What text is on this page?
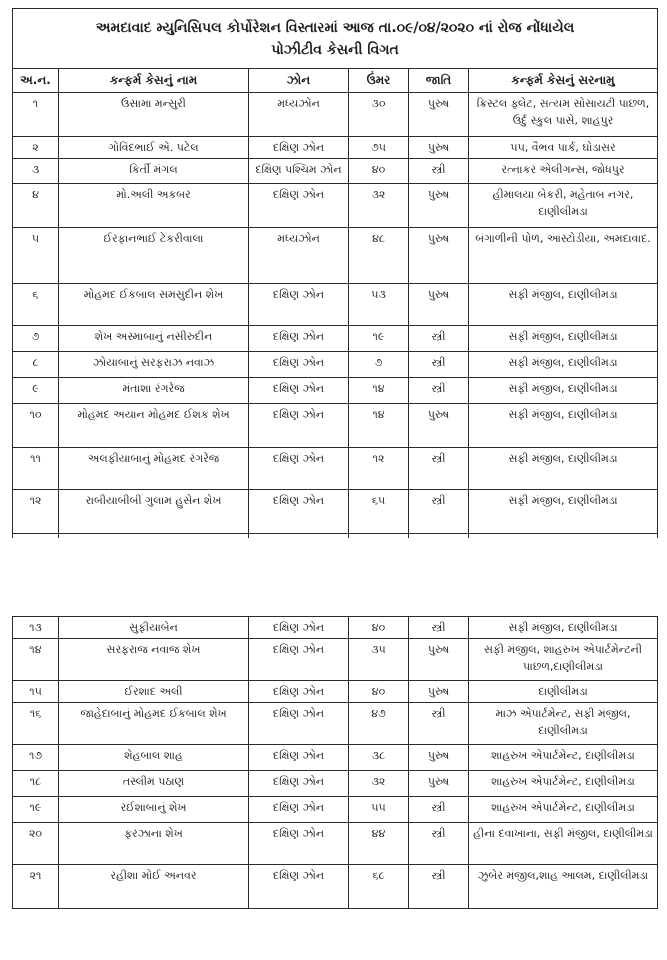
અમદાવાદ મ્યુનિસિપલ કોર્પોરેશન વિસ્તારમાં આજ તા.૦૯/૦૪/૨૦૨૦ નાં રોજ નોંધાયેલ
પોઝીટીવ કેસની વિગત					

અ.ન.	કન્ફર્મ કેસનું નામ	ઝોન	ઉંમર	જાતિ	કન્ફર્મ કેસનું સરનામુ
૧	ઉસામા મન્સુરી	મધ્યઝોન	૩૦	પુરુષ	ક્રિસ્ટલ ફ્લેટ, સત્યમ સોસાયટી પાછળ, ઉર્દુ સ્કુલ પાસે, શાહપુર
૨	ગોવિંદભાઈ એ. પટેલ	દક્ષિણ ઝોન	૭૫	પુરુષ	૫૫, વૈભવ પાર્ક, ઘોડાસર
૩	કિર્તી મંગલ	દક્ષિણ પશ્ચિમ ઝોન	૪૦	સ્ત્રી	રત્નાકર એલીગન્સ, જોધપુર
૪	મો.અલી અકબર	દક્ષિણ ઝોન	૩૨	પુરુષ	હીમાલયા બેકરી, મહેતાબ નગર, દાણીલીમડા
૫	ઈરફાનભાઈ ટેકરીવાલા	મધ્યઝોન	૪૮	પુરુષ	બંગાળીની પોળ, આસ્ટોડીયા, અમદાવાદ.
૬	મોહમદ ઈકબાલ સમસુદીન શેખ	દક્ષિણ ઝોન	૫૩	પુરુષ	સફી મંજીલ, દાણીલીમડા
૭	શેખ અસ્માબાનું નસીરુદીન	દક્ષિણ ઝોન	૧૯	સ્ત્રી	સફી મંજીલ, દાણીલીમડા
૮	ઝોયાબાનું સરફરાઝ નવાઝ	દક્ષિણ ઝોન	૭	સ્ત્રી	સફી મંજીલ, દાણીલીમડા
૯	મંતાશા રંગરેજ	દક્ષિણ ઝોન	૧૪	સ્ત્રી	સફી મંજીલ, દાણીલીમડા
૧૦	મોહમદ અયાન મોહમદ ઈશક શેખ	દક્ષિણ ઝોન	૧૪	પુરુષ	સફી મંજીલ, દાણીલીમડા
૧૧	અલફીયાબાનું મોહમદ રંગરેજ	દક્ષિણ ઝોન	૧૨	સ્ત્રી	સફી મંજીલ, દાણીલીમડા
૧૨	રાબીયાબીબી ગુલામ હુસેન શેખ	દક્ષિણ ઝોન	૬૫	સ્ત્રી	સફી મંજીલ, દાણીલીમડા

૧૩	સુફીયાબેન	દક્ષિણ ઝોન	૪૦	સ્ત્રી	સફી મંજીલ, દાણીલીમડા
૧૪	સરફરાજ નવાજ શેખ	દક્ષિણ ઝોન	૩૫	પુરુષ	સફી મંજીલ, શાહરુખ એપાર્ટમેન્ટની પાછળ,દાણીલીમડા
૧૫	ઈરશાદ અલી	દક્ષિણ ઝોન	૪૦	પુરુષ	દાણીલીમડા
૧૬	જાહેદાબાનું મોહમદ ઈકબાલ શેખ	દક્ષિણ ઝોન	૪૭	સ્ત્રી	માઝ એપાર્ટમેન્ટ, સફી મંજીલ, દાણીલીમડા
૧૭	શેહબાલ શાહ	દક્ષિણ ઝોન	૩૮	પુરુષ	શાહરુખ એપાર્ટમેન્ટ, દાણીલીમડા
૧૮	તસ્લીમ પઠાણ	દક્ષિણ ઝોન	૩૨	પુરુષ	શાહરુખ એપાર્ટમેન્ટ, દાણીલીમડા
૧૯	રઈશાબાનું શેખ	દક્ષિણ ઝોન	૫૫	સ્ત્રી	શાહરુખ એપાર્ટમેન્ટ, દાણીલીમડા
૨૦	ફરઝાના શેખ	દક્ષિણ ઝોન	૪૪	સ્ત્રી	હીના દવાખાના, સફી મંજીલ, દાણીલીમડા
૨૧	રહીશા મોઈ અનવર	દક્ષિણ ઝોન	૬૮	સ્ત્રી	ઝુબેર મંજીલ,શાહ આલમ, દાણીલીમડા
